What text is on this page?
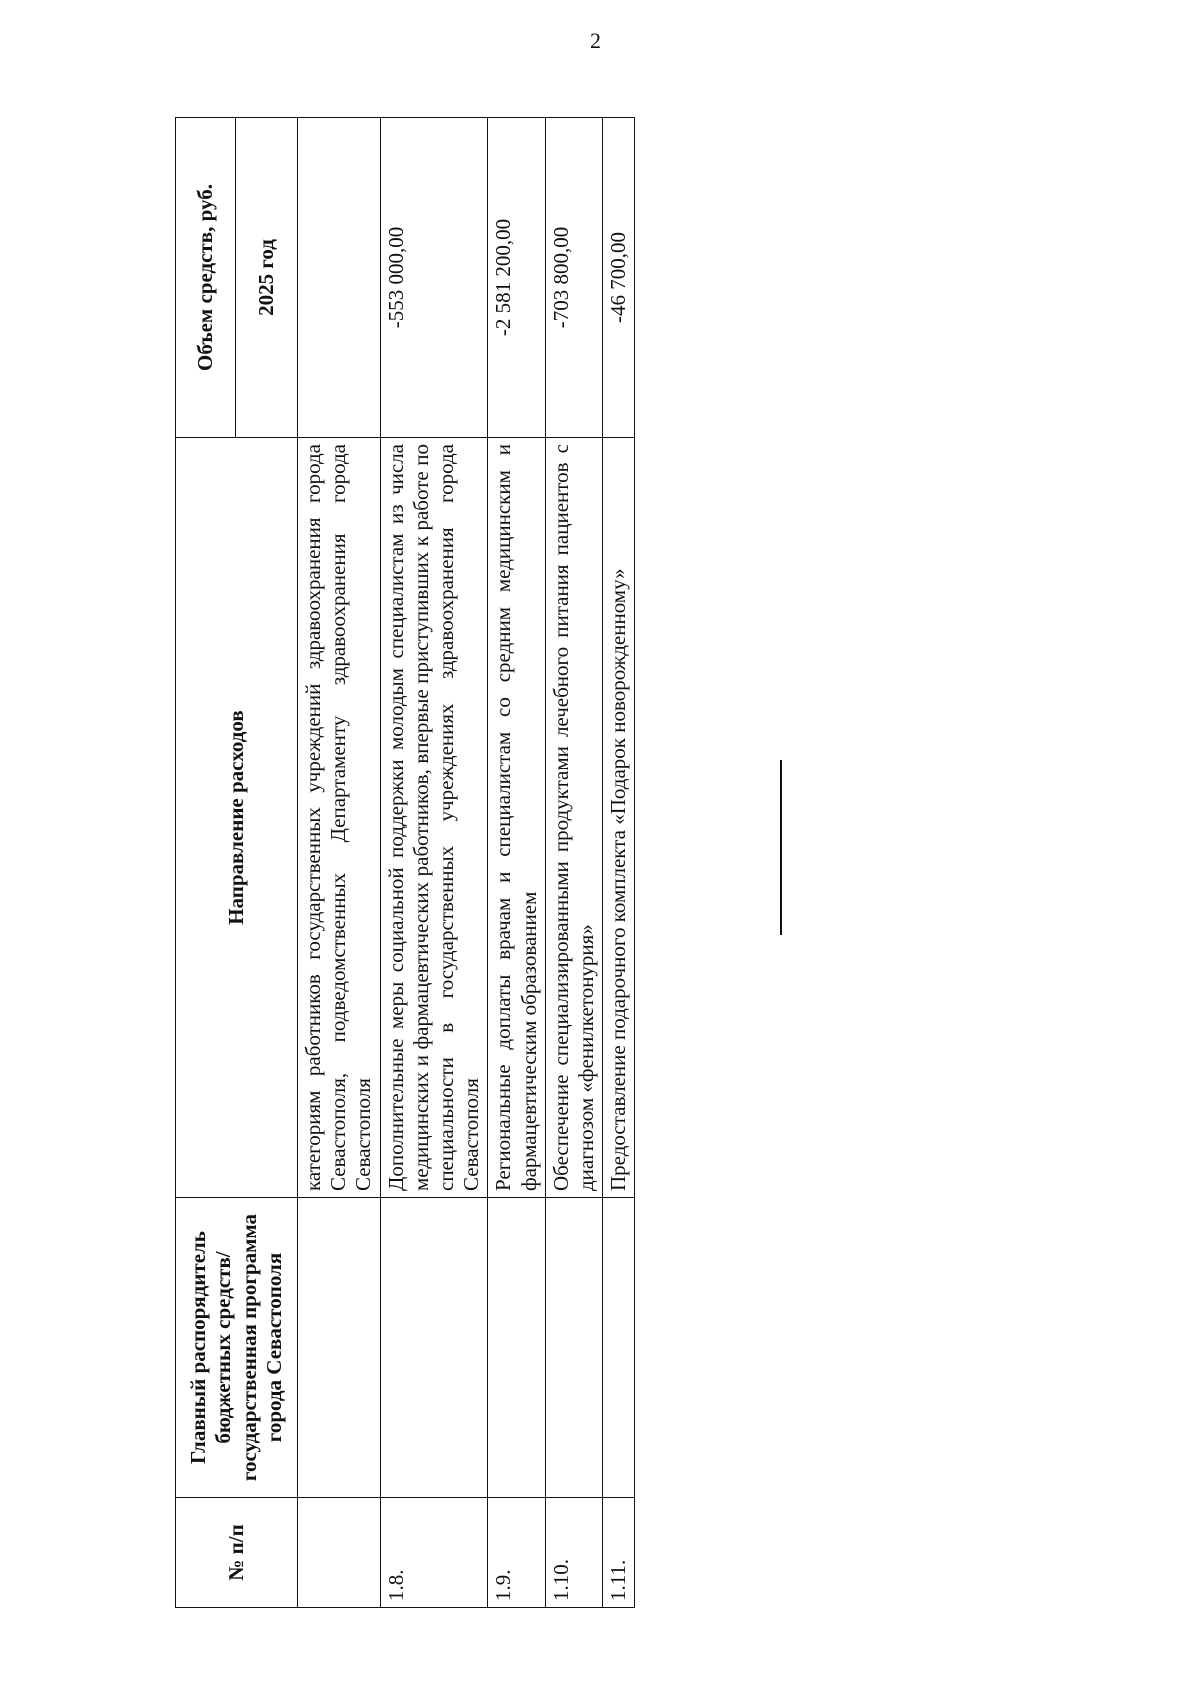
2
№ п/п	Главный распорядитель бюджетных средств/государственная программа города Севастополя	Направление расходов	Объем средств, руб.
			2025 год
		категориям работников государственных учреждений здравоохранения города Севастополя, подведомственных Департаменту здравоохранения города Севастополя	
1.8.		Дополнительные меры социальной поддержки молодым специалистам из числа медицинских и фармацевтических работников, впервые приступивших к работе по специальности в государственных учреждениях здравоохранения города Севастополя	-553 000,00
1.9.		Региональные доплаты врачам и специалистам со средним медицинским и фармацевтическим образованием	-2 581 200,00
1.10.		Обеспечение специализированными продуктами лечебного питания пациентов с диагнозом «фенилкетонурия»	-703 800,00
1.11.		Предоставление подарочного комплекта «Подарок новорожденному»	-46 700,00
